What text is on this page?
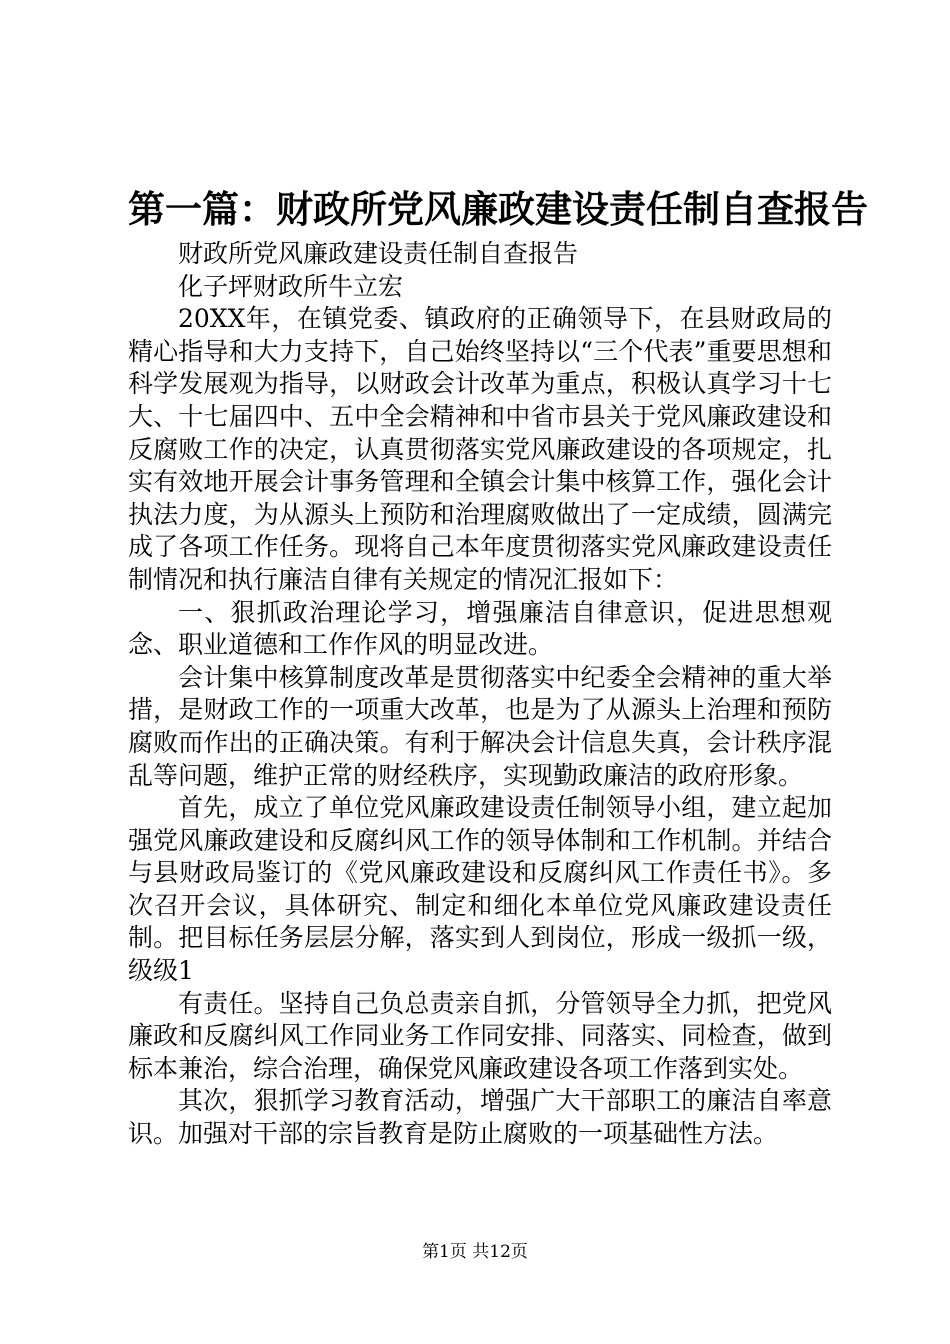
第一篇：财政所党风廉政建设责任制自查报告

财政所党风廉政建设责任制自查报告

化子坪财政所牛立宏

20XX年，在镇党委、镇政府的正确领导下，在县财政局的精心指导和大力支持下，自己始终坚持以“三个代表”重要思想和科学发展观为指导，以财政会计改革为重点，积极认真学习十七大、十七届四中、五中全会精神和中省市县关于党风廉政建设和反腐败工作的决定，认真贯彻落实党风廉政建设的各项规定，扎实有效地开展会计事务管理和全镇会计集中核算工作，强化会计执法力度，为从源头上预防和治理腐败做出了一定成绩，圆满完成了各项工作任务。现将自己本年度贯彻落实党风廉政建设责任制情况和执行廉洁自律有关规定的情况汇报如下：

一、狠抓政治理论学习，增强廉洁自律意识，促进思想观念、职业道德和工作作风的明显改进。

会计集中核算制度改革是贯彻落实中纪委全会精神的重大举措，是财政工作的一项重大改革，也是为了从源头上治理和预防腐败而作出的正确决策。有利于解决会计信息失真，会计秩序混乱等问题，维护正常的财经秩序，实现勤政廉洁的政府形象。

首先，成立了单位党风廉政建设责任制领导小组，建立起加强党风廉政建设和反腐纠风工作的领导体制和工作机制。并结合与县财政局鉴订的《党风廉政建设和反腐纠风工作责任书》。多次召开会议，具体研究、制定和细化本单位党风廉政建设责任制。把目标任务层层分解，落实到人到岗位，形成一级抓一级，级级1

有责任。坚持自己负总责亲自抓，分管领导全力抓，把党风廉政和反腐纠风工作同业务工作同安排、同落实、同检查，做到标本兼治，综合治理，确保党风廉政建设各项工作落到实处。

其次，狠抓学习教育活动，增强广大干部职工的廉洁自率意识。加强对干部的宗旨教育是防止腐败的一项基础性方法。

第1页 共12页
